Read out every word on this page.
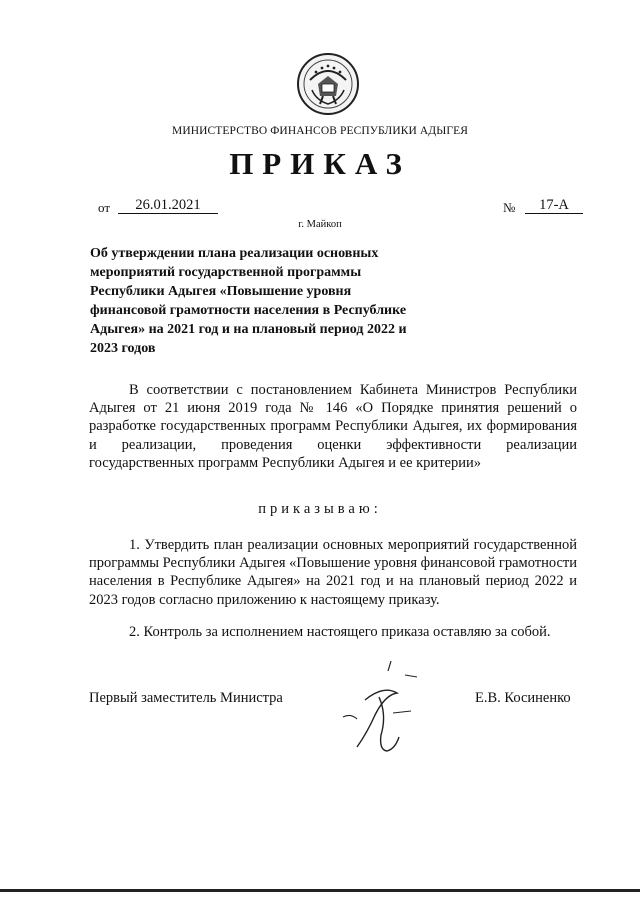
МИНИСТЕРСТВО ФИНАНСОВ РЕСПУБЛИКИ АДЫГЕЯ
ПРИКАЗ
от	26.01.2021	№	17-А
г. Майкоп
Об утверждении плана реализации основных мероприятий государственной программы Республики Адыгея «Повышение уровня финансовой грамотности населения в Республике Адыгея» на 2021 год и на плановый период 2022 и 2023 годов
В соответствии с постановлением Кабинета Министров Республики Адыгея от 21 июня 2019 года № 146 «О Порядке принятия решений о разработке государственных программ Республики Адыгея, их формирования и реализации, проведения оценки эффективности реализации государственных программ Республики Адыгея и ее критерии»
приказываю:
1. Утвердить план реализации основных мероприятий государственной программы Республики Адыгея «Повышение уровня финансовой грамотности населения в Республике Адыгея» на 2021 год и на плановый период 2022 и 2023 годов согласно приложению к настоящему приказу.
2. Контроль за исполнением настоящего приказа оставляю за собой.
Первый заместитель Министра	Е.В. Косиненко
